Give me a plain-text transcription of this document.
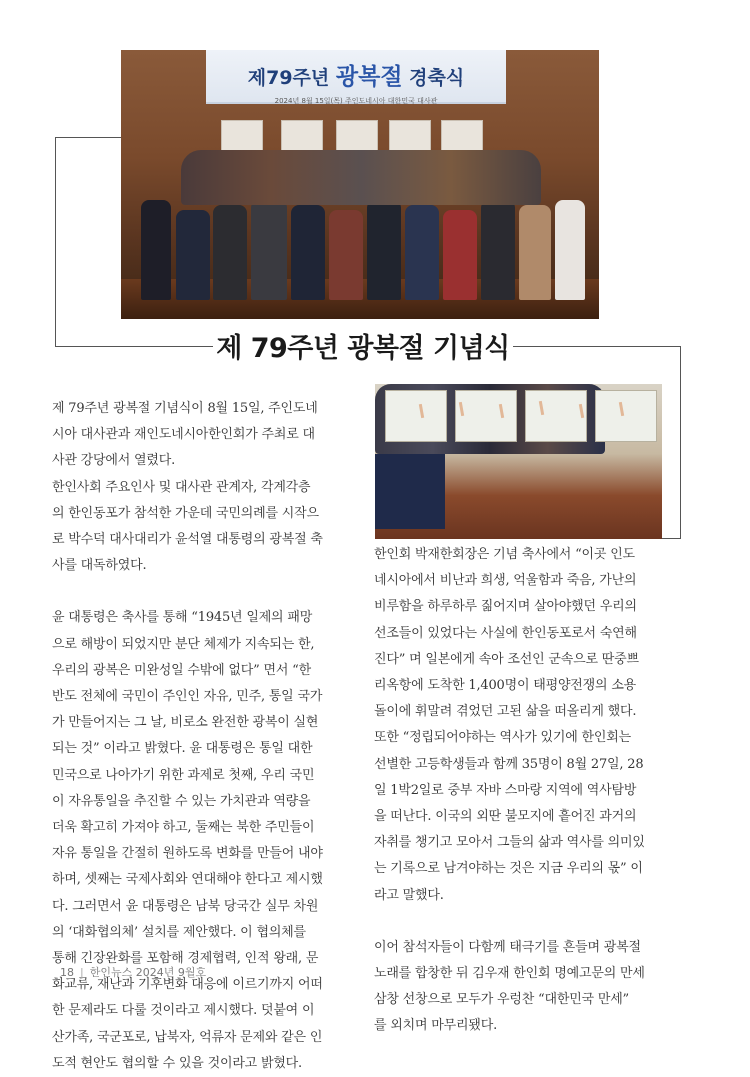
제79주년 광복절 경축식
2024년 8월 15일(목) 주인도네시아 대한민국 대사관
제 79주년 광복절 기념식

제 79주년 광복절 기념식이 8월 15일, 주인도네

시아 대사관과 재인도네시아한인회가 주최로 대

사관 강당에서 열렸다.

한인사회 주요인사 및 대사관 관계자, 각계각층

의 한인동포가 참석한 가운데 국민의례를 시작으

로 박수덕 대사대리가 윤석열 대통령의 광복절 축

사를 대독하였다.

윤 대통령은 축사를 통해 “1945년 일제의 패망

으로 해방이 되었지만 분단 체제가 지속되는 한,

우리의 광복은 미완성일 수밖에 없다” 면서 “한

반도 전체에 국민이 주인인 자유, 민주, 통일 국가

가 만들어지는 그 날, 비로소 완전한 광복이 실현

되는 것” 이라고 밝혔다. 윤 대통령은 통일 대한

민국으로 나아가기 위한 과제로 첫째, 우리 국민

이 자유통일을 추진할 수 있는 가치관과 역량을

더욱 확고히 가져야 하고, 둘째는 북한 주민들이

자유 통일을 간절히 원하도록 변화를 만들어 내야

하며, 셋째는 국제사회와 연대해야 한다고 제시했

다. 그러면서 윤 대통령은 남북 당국간 실무 차원

의 ‘대화협의체’ 설치를 제안했다. 이 협의체를

통해 긴장완화를 포함해 경제협력, 인적 왕래, 문

화교류, 재난과 기후변화 대응에 이르기까지 어떠

한 문제라도 다룰 것이라고 제시했다. 덧붙여 이

산가족, 국군포로, 납북자, 억류자 문제와 같은 인

도적 현안도 협의할 수 있을 것이라고 밝혔다.

한인회 박재한회장은 기념 축사에서 “이곳 인도

네시아에서 비난과 희생, 억울함과 죽음, 가난의

비루함을 하루하루 짊어지며 살아야했던 우리의

선조들이 있었다는 사실에 한인동포로서 숙연해

진다” 며 일본에게 속아 조선인 군속으로 딴중쁘

리옥항에 도착한 1,400명이 태평양전쟁의 소용

돌이에 휘말려 겪었던 고된 삶을 떠올리게 했다.

또한 “정립되어야하는 역사가 있기에 한인회는

선별한 고등학생들과 함께 35명이 8월 27일, 28

일 1박2일로 중부 자바 스마랑 지역에 역사탐방

을 떠난다. 이국의 외딴 불모지에 흩어진 과거의

자취를 챙기고 모아서 그들의 삶과 역사를 의미있

는 기록으로 남겨야하는 것은 지금 우리의 몫” 이

라고 말했다.

이어 참석자들이 다함께 태극기를 흔들며 광복절

노래를 합창한 뒤 김우재 한인회 명예고문의 만세

삼창 선창으로 모두가 우렁찬 “대한민국 만세”

를 외치며 마무리됐다.

18 | 한인뉴스 2024년 9월호
